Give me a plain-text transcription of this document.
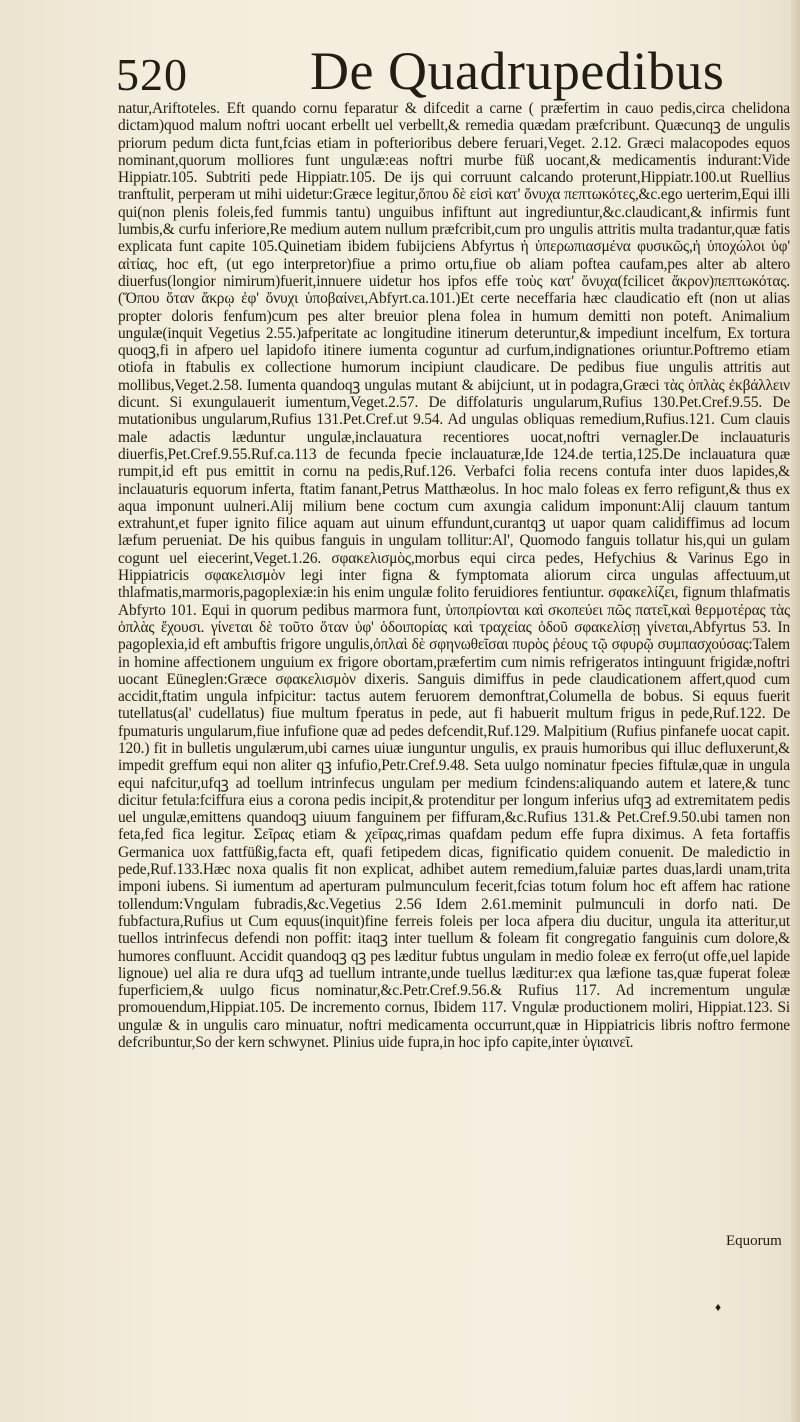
520 De Quadrupedibus
natur,Ariftoteles. Eft quando cornu feparatur & difcedit a carne ( præfertim in cauo pedis,circa chelidona dictam)quod malum noftri uocant erbellt uel verbellt,& remedia quædam præfcribunt. Quæcunqꝫ de ungulis priorum pedum dicta funt,fcias etiam in pofterioribus debere feruari,Veget. 2.12. Græci malacopodes equos nominant,quorum molliores funt ungulæ:eas noftri murbe füß uocant,& medicamentis indurant:Vide Hippiatr.105. Subtriti pede Hippiatr.105. De ijs qui corruunt calcando proterunt,Hippiatr.100.ut Ruellius tranftulit, perperam ut mihi uidetur:Græce legitur,ὅπου δὲ εἰσὶ κατ' ὄνυχα πεπτωκότες,&c.ego uerterim,Equi illi qui(non plenis foleis,fed fummis tantu) unguibus infiftunt aut ingrediuntur,&c.claudicant,& infirmis funt lumbis,& curfu inferiore,Re medium autem nullum præfcribit,cum pro ungulis attritis multa tradantur,quæ fatis explicata funt capite 105.Quinetiam ibidem fubijciens Abfyrtus ἡ ὑπερωπιασμένα φυσικῶς,ἡ ὑποχώλοι ὑφ' αἰτίας, hoc eft, (ut ego interpretor)fiue a primo ortu,fiue ob aliam poftea caufam,pes alter ab altero diuerfus(longior nimirum)fuerit,innuere uidetur hos ipfos effe τοὺς κατ' ὄνυχα(fcilicet ἄκρον)πεπτωκότας.(Ὅπου ὅταν ἄκρῳ ἐφ' ὄνυχι ὑποβαίνει,Abfyrt.ca.101.)Et certe neceffaria hæc claudicatio eft (non ut alias propter doloris fenfum)cum pes alter breuior plena folea in humum demitti non poteft. Animalium ungulæ(inquit Vegetius 2.55.)afperitate ac longitudine itinerum deteruntur,& impediunt incelfum, Ex tortura quoqꝫ,fi in afpero uel lapidofo itinere iumenta coguntur ad curfum,indignationes oriuntur.Poftremo etiam otiofa in ftabulis ex collectione humorum incipiunt claudicare. De pedibus fiue ungulis attritis aut mollibus,Veget.2.58. Iumenta quandoqꝫ ungulas mutant & abijciunt, ut in podagra,Græci τὰς ὁπλὰς ἐκβάλλειν dicunt. Si exungulauerit iumentum,Veget.2.57. De diffolaturis ungularum,Rufius 130.Pet.Cref.9.55. De mutationibus ungularum,Rufius 131.Pet.Cref.ut 9.54. Ad ungulas obliquas remedium,Rufius.121. Cum clauis male adactis læduntur ungulæ,inclauatura recentiores uocat,noftri vernagler.De inclauaturis diuerfis,Pet.Cref.9.55.Ruf.ca.113 de fecunda fpecie inclauaturæ,Ide 124.de tertia,125.De inclauatura quæ rumpit,id eft pus emittit in cornu na pedis,Ruf.126. Verbafci folia recens contufa inter duos lapides,& inclauaturis equorum inferta, ftatim fanant,Petrus Matthæolus. In hoc malo foleas ex ferro refigunt,& thus ex aqua imponunt uulneri.Alij milium bene coctum cum axungia calidum imponunt:Alij clauum tantum extrahunt,et fuper ignito filice aquam aut uinum effundunt,curantqꝫ ut uapor quam calidiffimus ad locum læfum perueniat. De his quibus fanguis in ungulam tollitur:Al', Quomodo fanguis tollatur his,qui un gulam cogunt uel eiecerint,Veget.1.26. σφακελισμὸς,morbus equi circa pedes, Hefychius & Varinus Ego in Hippiatricis σφακελισμὸν legi inter figna & fymptomata aliorum circa ungulas affectuum,ut thlafmatis,marmoris,pagoplexiæ:in his enim ungulæ folito feruidiores fentiuntur. σφακελίζει, fignum thlafmatis Abfyrto 101. Equi in quorum pedibus marmora funt, ὑποπρίονται καὶ σκοπεύει πῶς πατεῖ,καὶ θερμοτέρας τὰς ὁπλὰς ἔχουσι. γίνεται δὲ τοῦτο ὅταν ὑφ' ὁδοιπορίας καὶ τραχείας ὁδοῦ σφακελίσῃ γίνεται,Abfyrtus 53. In pagoplexia,id eft ambuftis frigore ungulis,ὀπλαὶ δὲ σφηνωθεῖσαι πυρὸς ῥέους τῷ σφυρῷ συμπασχούσας:Talem in homine affectionem unguium ex frigore obortam,præfertim cum nimis refrigeratos intinguunt frigidæ,noftri uocant Eüneglen:Græce σφακελισμὸν dixeris. Sanguis dimiffus in pede claudicationem affert,quod cum accidit,ftatim ungula infpicitur: tactus autem feruorem demonftrat,Columella de bobus. Si equus fuerit tutellatus(al' cudellatus) fiue multum fperatus in pede, aut fi habuerit multum frigus in pede,Ruf.122. De fpumaturis ungularum,fiue infufione quæ ad pedes defcendit,Ruf.129. Malpitium (Rufius pinfanefe uocat capit. 120.) fit in bulletis ungulærum,ubi carnes uiuæ iunguntur ungulis, ex prauis humoribus qui illuc defluxerunt,& impedit greffum equi non aliter qꝫ infufio,Petr.Cref.9.48. Seta uulgo nominatur fpecies fiftulæ,quæ in ungula equi nafcitur,ufqꝫ ad toellum intrinfecus ungulam per medium fcindens:aliquando autem et latere,& tunc dicitur fetula:fciffura eius a corona pedis incipit,& protenditur per longum inferius ufqꝫ ad extremitatem pedis uel ungulæ,emittens quandoqꝫ uiuum fanguinem per fiffuram,&c.Rufius 131.& Pet.Cref.9.50.ubi tamen non feta,fed fica legitur. Σεῖρας etiam & χεῖρας,rimas quafdam pedum effe fupra diximus. A feta fortaffis Germanica uox fattfüßig,facta eft, quafi fetipedem dicas, fignificatio quidem conuenit. De maledictio in pede,Ruf.133.Hæc noxa qualis fit non explicat, adhibet autem remedium,faluiæ partes duas,lardi unam,trita imponi iubens. Si iumentum ad aperturam pulmunculum fecerit,fcias totum folum hoc eft affem hac ratione tollendum:Vngulam fubradis,&c.Vegetius 2.56 Idem 2.61.meminit pulmunculi in dorfo nati. De fubfactura,Rufius ut Cum equus(inquit)fine ferreis foleis per loca afpera diu ducitur, ungula ita atteritur,ut tuellos intrinfecus defendi non poffit: itaqꝫ inter tuellum & foleam fit congregatio fanguinis cum dolore,& humores confluunt. Accidit quandoqꝫ qꝫ pes læditur fubtus ungulam in medio foleæ ex ferro(ut offe,uel lapide lignoue) uel alia re dura ufqꝫ ad tuellum intrante,unde tuellus læditur:ex qua læfione tas,quæ fuperat foleæ fuperficiem,& uulgo ficus nominatur,&c.Petr.Cref.9.56.& Rufius 117. Ad incrementum ungulæ promouendum,Hippiat.105. De incremento cornus, Ibidem 117. Vngulæ productionem moliri, Hippiat.123. Si ungulæ & in ungulis caro minuatur, noftri medicamenta occurrunt,quæ in Hippiatricis libris noftro fermone defcribuntur,So der kern schwynet. Plinius uide fupra,in hoc ipfo capite,inter ὑγιαινεῖ.
Equorum
♦
